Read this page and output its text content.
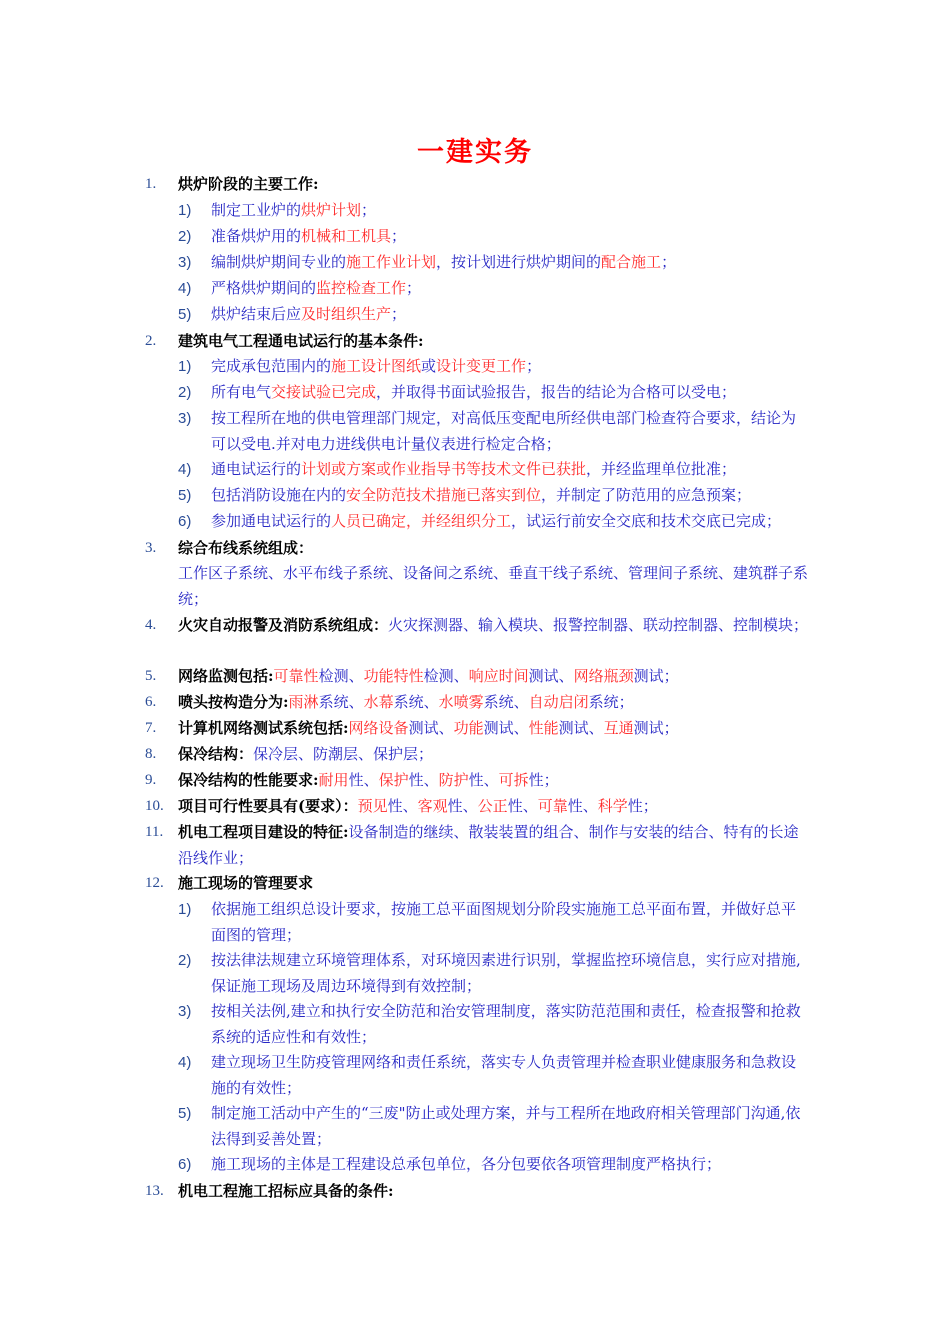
一建实务
1. 烘炉阶段的主要工作:
1) 制定工业炉的烘炉计划；
2) 准备烘炉用的机械和工机具；
3) 编制烘炉期间专业的施工作业计划，按计划进行烘炉期间的配合施工；
4) 严格烘炉期间的监控检查工作；
5) 烘炉结束后应及时组织生产；
2. 建筑电气工程通电试运行的基本条件:
1) 完成承包范围内的施工设计图纸或设计变更工作；
2) 所有电气交接试验已完成，并取得书面试验报告，报告的结论为合格可以受电；
3) 按工程所在地的供电管理部门规定，对高低压变配电所经供电部门检查符合要求，结论为可以受电.并对电力进线供电计量仪表进行检定合格；
4) 通电试运行的计划或方案或作业指导书等技术文件已获批，并经监理单位批准；
5) 包括消防设施在内的安全防范技术措施已落实到位，并制定了防范用的应急预案；
6) 参加通电试运行的人员已确定，并经组织分工，试运行前安全交底和技术交底已完成；
3. 综合布线系统组成：
工作区子系统、水平布线子系统、设备间之系统、垂直干线子系统、管理间子系统、建筑群子系统；
4. 火灾自动报警及消防系统组成：火灾探测器、输入模块、报警控制器、联动控制器、控制模块；
5. 网络监测包括:可靠性检测、功能特性检测、响应时间测试、网络瓶颈测试；
6. 喷头按构造分为:雨淋系统、水幕系统、水喷雾系统、自动启闭系统；
7. 计算机网络测试系统包括:网络设备测试、功能测试、性能测试、互通测试；
8. 保冷结构：保冷层、防潮层、保护层；
9. 保冷结构的性能要求:耐用性、保护性、防护性、可拆性；
10. 项目可行性要具有(要求）：预见性、客观性、公正性、可靠性、科学性；
11. 机电工程项目建设的特征:设备制造的继续、散装装置的组合、制作与安装的结合、特有的长途沿线作业；
12. 施工现场的管理要求
1) 依据施工组织总设计要求，按施工总平面图规划分阶段实施施工总平面布置，并做好总平面图的管理；
2) 按法律法规建立环境管理体系，对环境因素进行识别，掌握监控环境信息，实行应对措施,保证施工现场及周边环境得到有效控制；
3) 按相关法例,建立和执行安全防范和治安管理制度，落实防范范围和责任，检查报警和抢救系统的适应性和有效性；
4) 建立现场卫生防疫管理网络和责任系统，落实专人负责管理并检查职业健康服务和急救设施的有效性；
5) 制定施工活动中产生的“三废"防止或处理方案，并与工程所在地政府相关管理部门沟通,依法得到妥善处置；
6) 施工现场的主体是工程建设总承包单位，各分包要依各项管理制度严格执行；
13. 机电工程施工招标应具备的条件:
